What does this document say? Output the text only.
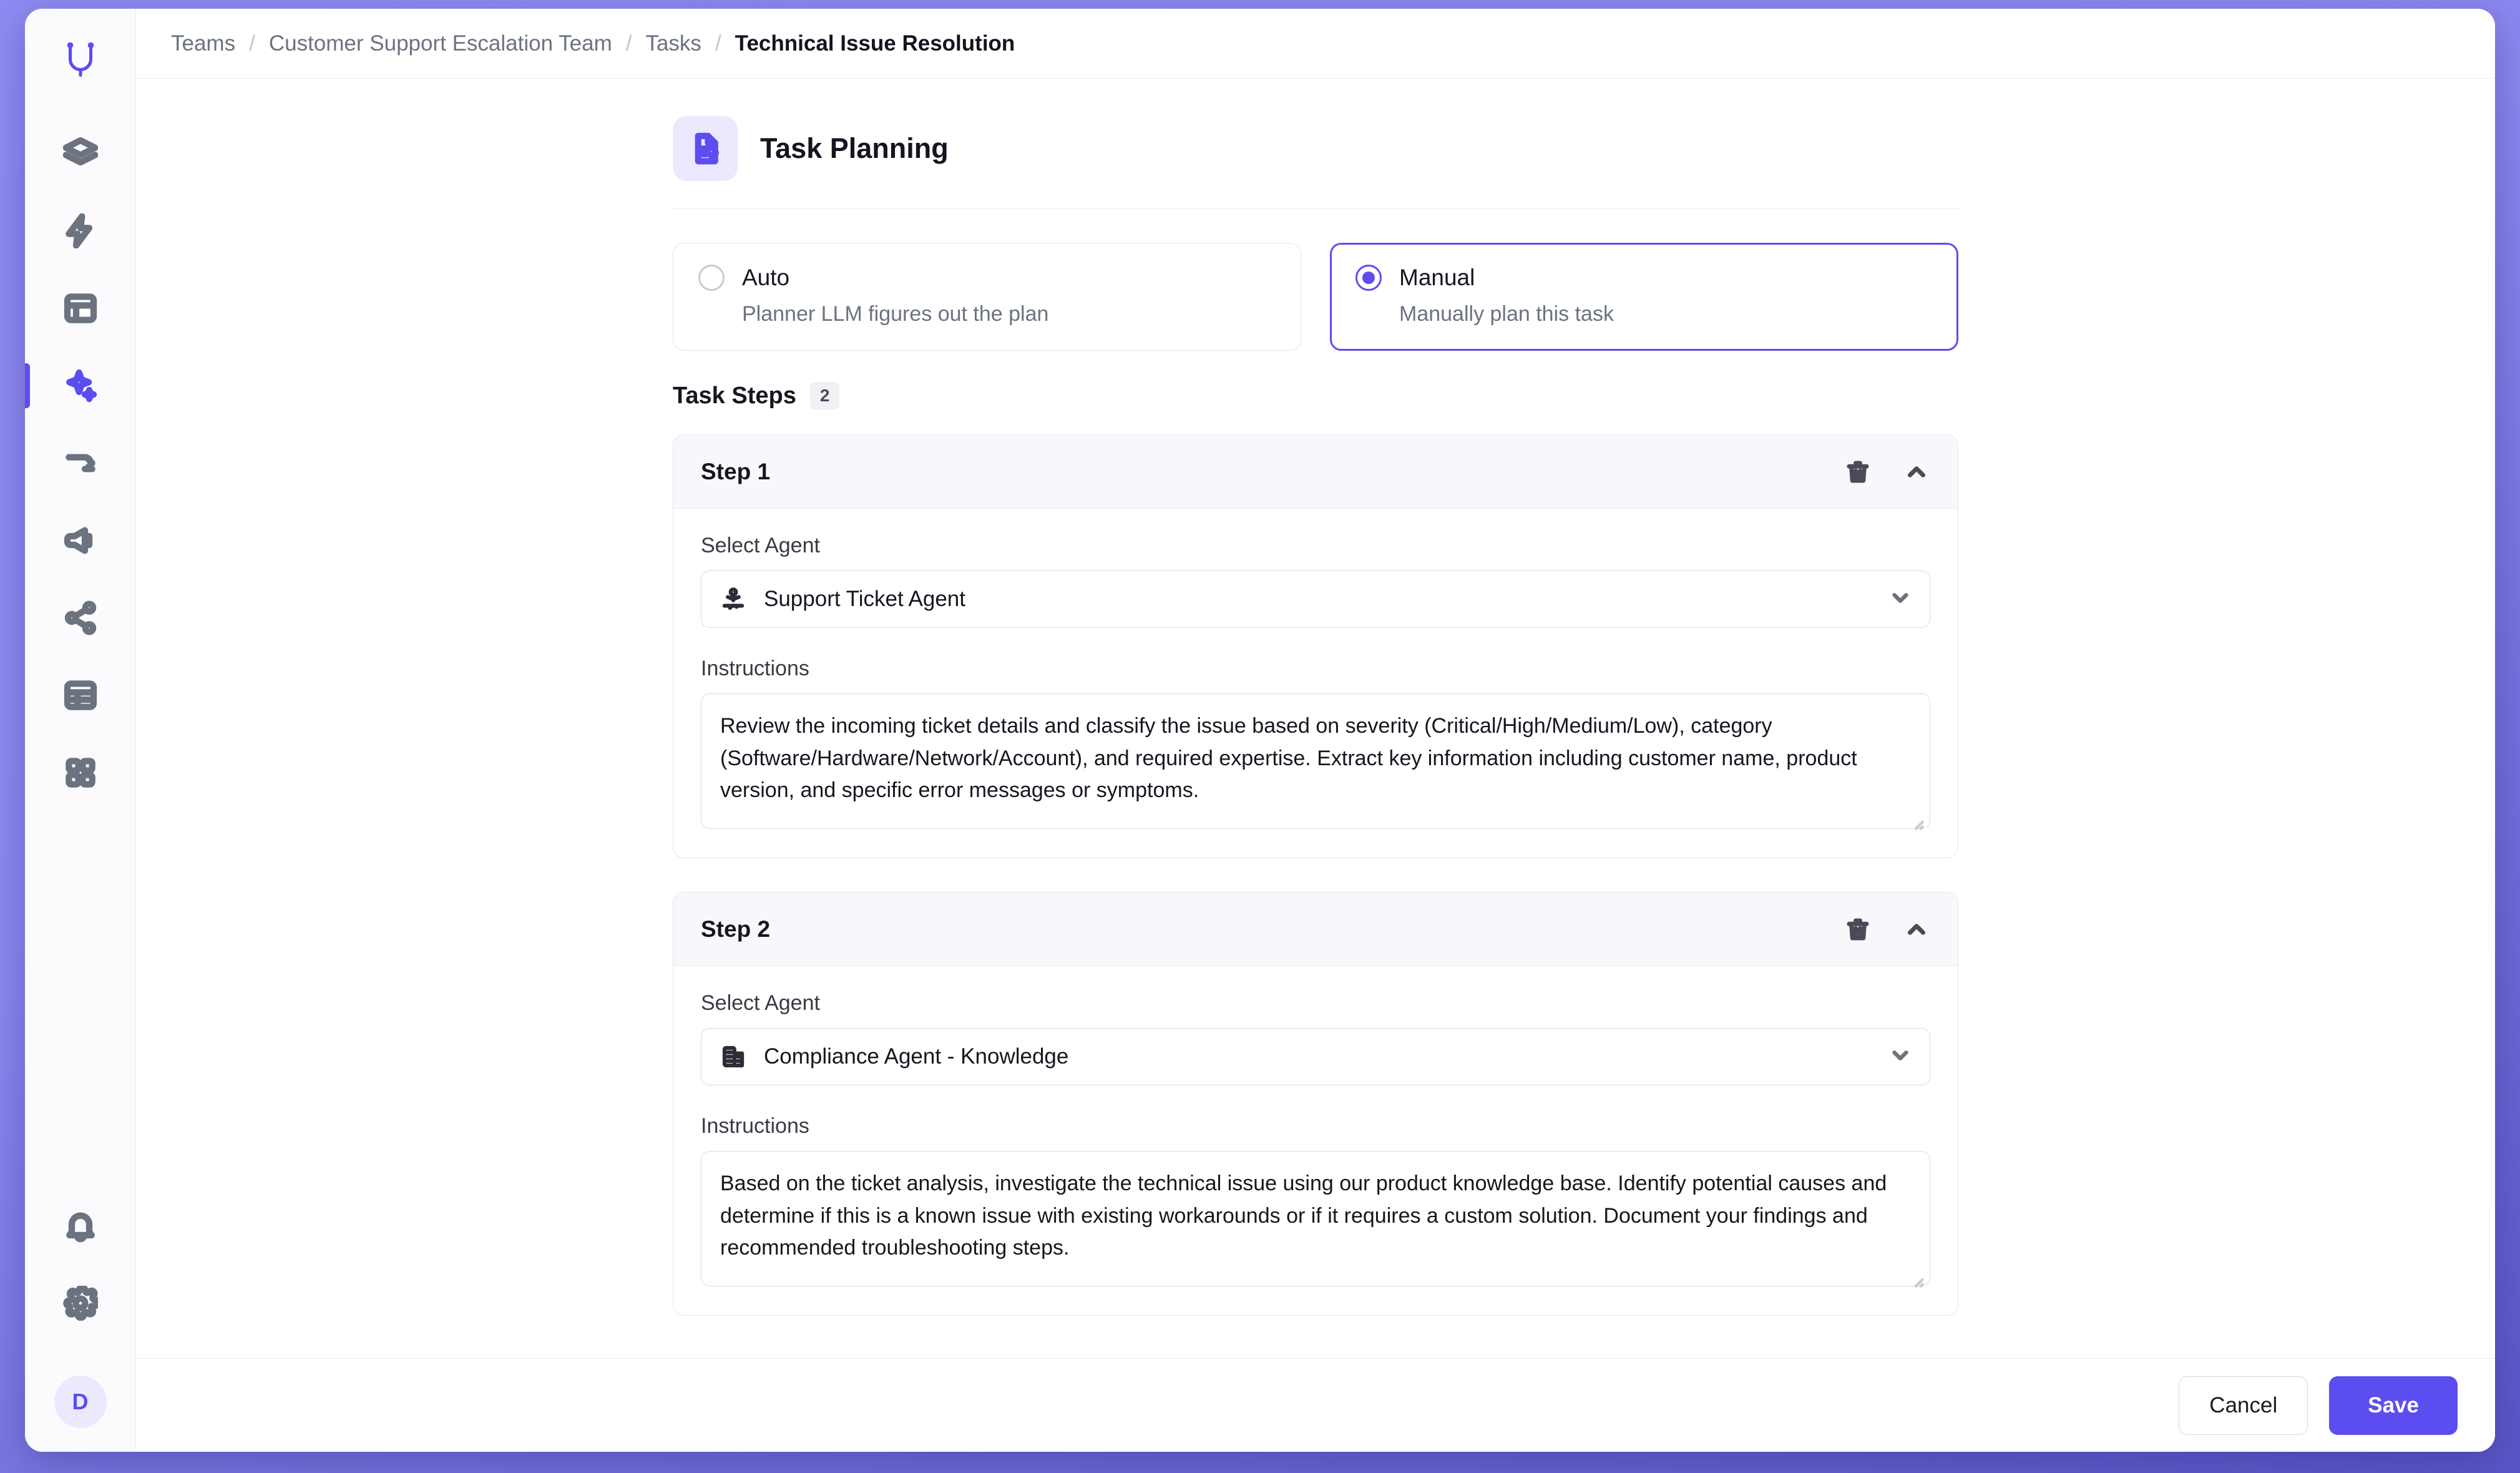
D
Teams / Customer Support Escalation Team / Tasks / Technical Issue Resolution
Task Planning
Auto
Planner LLM figures out the plan
Manual
Manually plan this task
Task Steps	2
Step 1
Select Agent
Support Ticket Agent
Instructions
Review the incoming ticket details and classify the issue based on severity (Critical/High/Medium/Low), category (Software/Hardware/Network/Account), and required expertise. Extract key information including customer name, product version, and specific error messages or symptoms.
Step 2
Select Agent
Compliance Agent - Knowledge
Instructions
Based on the ticket analysis, investigate the technical issue using our product knowledge base. Identify potential causes and determine if this is a known issue with existing workarounds or if it requires a custom solution. Document your findings and recommended troubleshooting steps.
Cancel	Save
